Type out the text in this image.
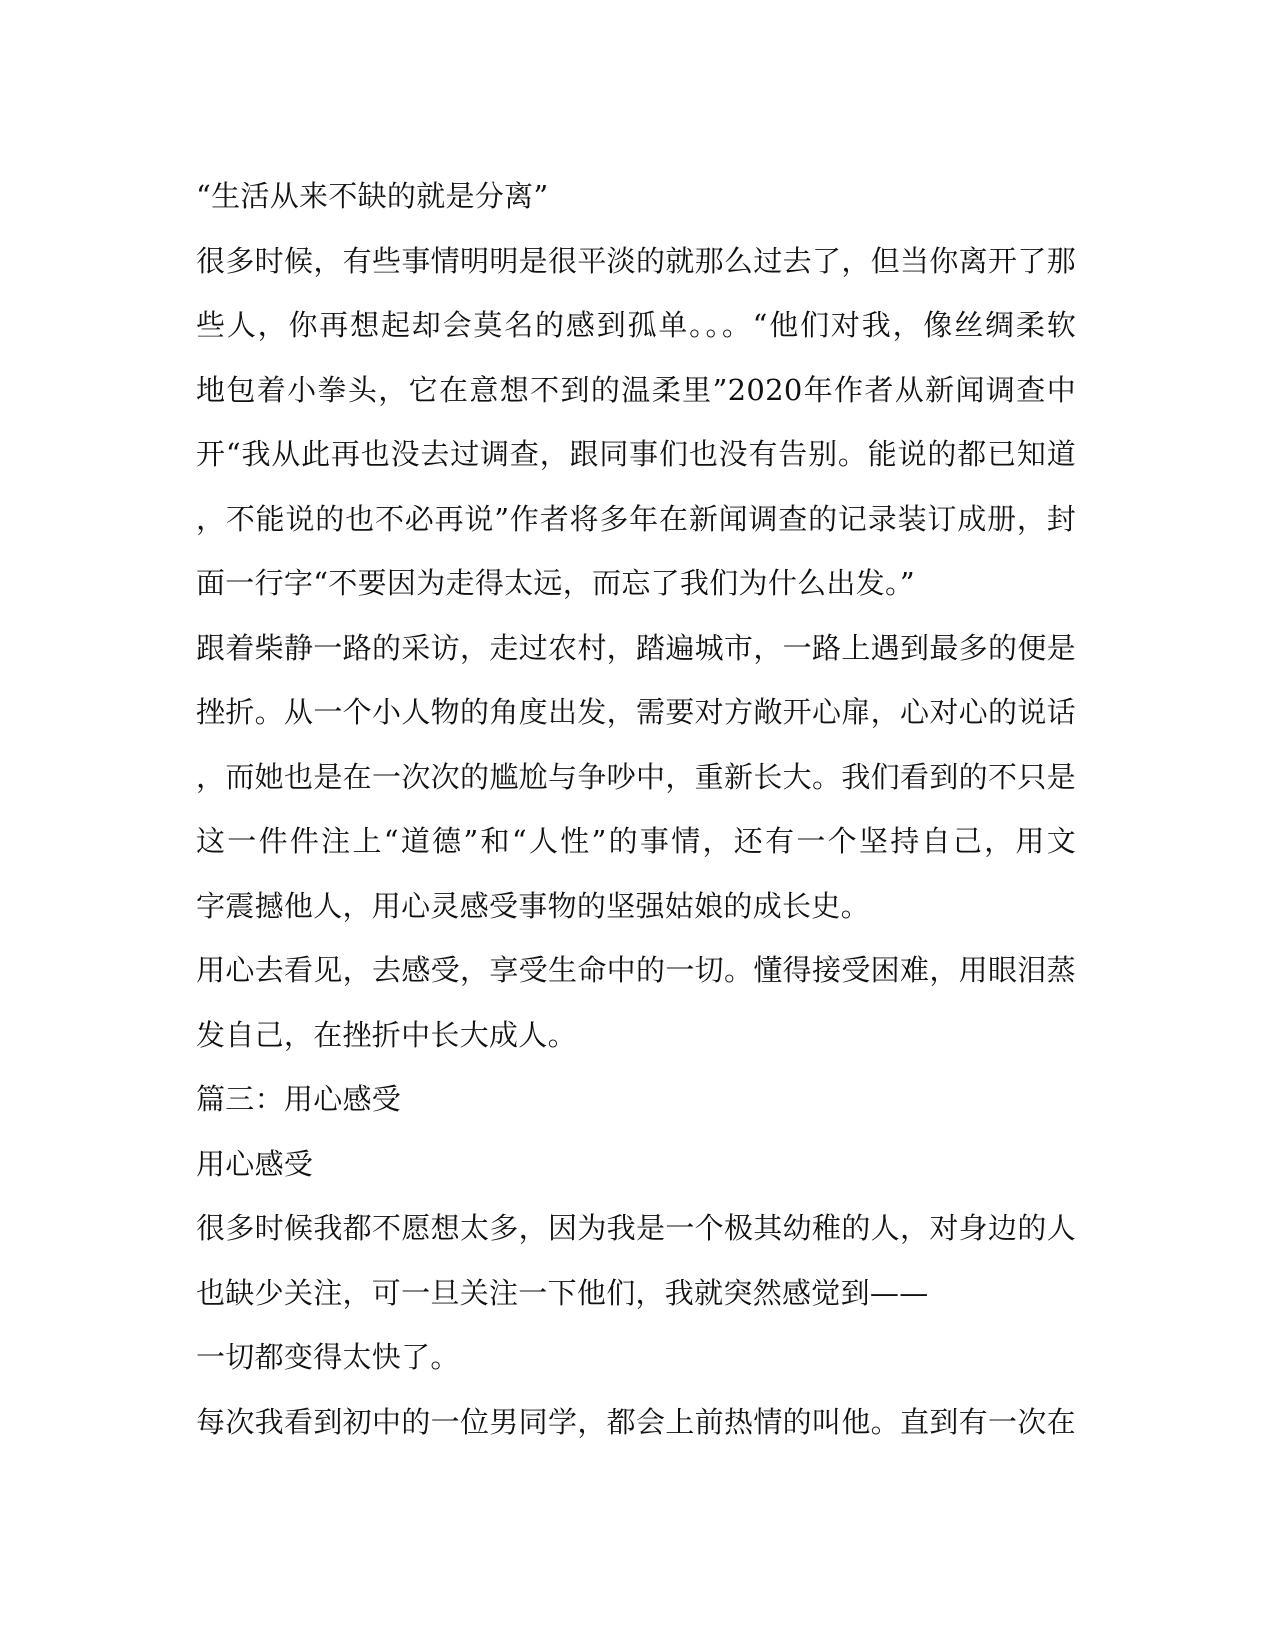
“生活从来不缺的就是分离”
很多时候，有些事情明明是很平淡的就那么过去了，但当你离开了那
些人，你再想起却会莫名的感到孤单。。。“他们对我，像丝绸柔软
地包着小拳头，它在意想不到的温柔里”2020年作者从新闻调查中
开“我从此再也没去过调查，跟同事们也没有告别。能说的都已知道
，不能说的也不必再说”作者将多年在新闻调查的记录装订成册，封
面一行字“不要因为走得太远，而忘了我们为什么出发。”
跟着柴静一路的采访，走过农村，踏遍城市，一路上遇到最多的便是
挫折。从一个小人物的角度出发，需要对方敞开心扉，心对心的说话
，而她也是在一次次的尴尬与争吵中，重新长大。我们看到的不只是
这一件件注上“道德”和“人性”的事情，还有一个坚持自己，用文
字震撼他人，用心灵感受事物的坚强姑娘的成长史。
用心去看见，去感受，享受生命中的一切。懂得接受困难，用眼泪蒸
发自己，在挫折中长大成人。
篇三：用心感受
用心感受
很多时候我都不愿想太多，因为我是一个极其幼稚的人，对身边的人
也缺少关注，可一旦关注一下他们，我就突然感觉到——
一切都变得太快了。
每次我看到初中的一位男同学，都会上前热情的叫他。直到有一次在
